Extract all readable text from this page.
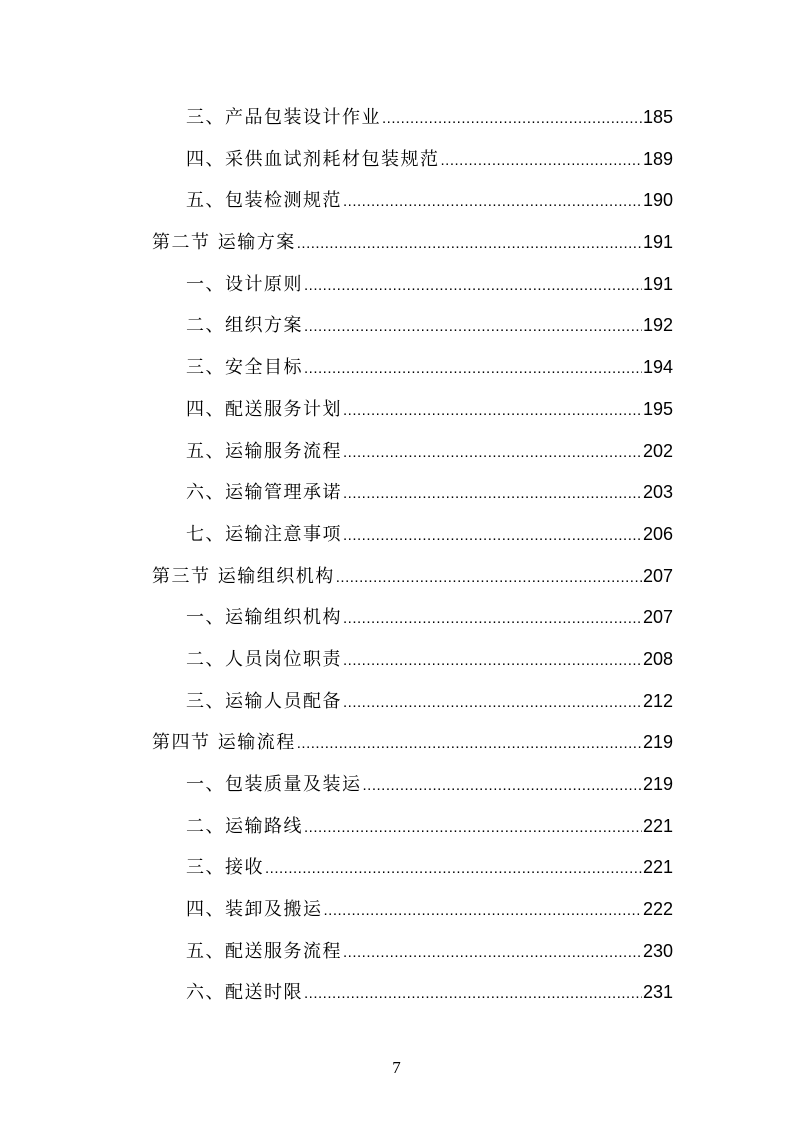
三、产品包装设计作业 .....	185
四、采供血试剂耗材包装规范 .....	189
五、包装检测规范 .....	190
第二节 运输方案 .....	191
一、设计原则 .....	191
二、组织方案 .....	192
三、安全目标 .....	194
四、配送服务计划 .....	195
五、运输服务流程 .....	202
六、运输管理承诺 .....	203
七、运输注意事项 .....	206
第三节 运输组织机构 .....	207
一、运输组织机构 .....	207
二、人员岗位职责 .....	208
三、运输人员配备 .....	212
第四节 运输流程 .....	219
一、包装质量及装运 .....	219
二、运输路线 .....	221
三、接收 .....	221
四、装卸及搬运 .....	222
五、配送服务流程 .....	230
六、配送时限 .....	231
7
